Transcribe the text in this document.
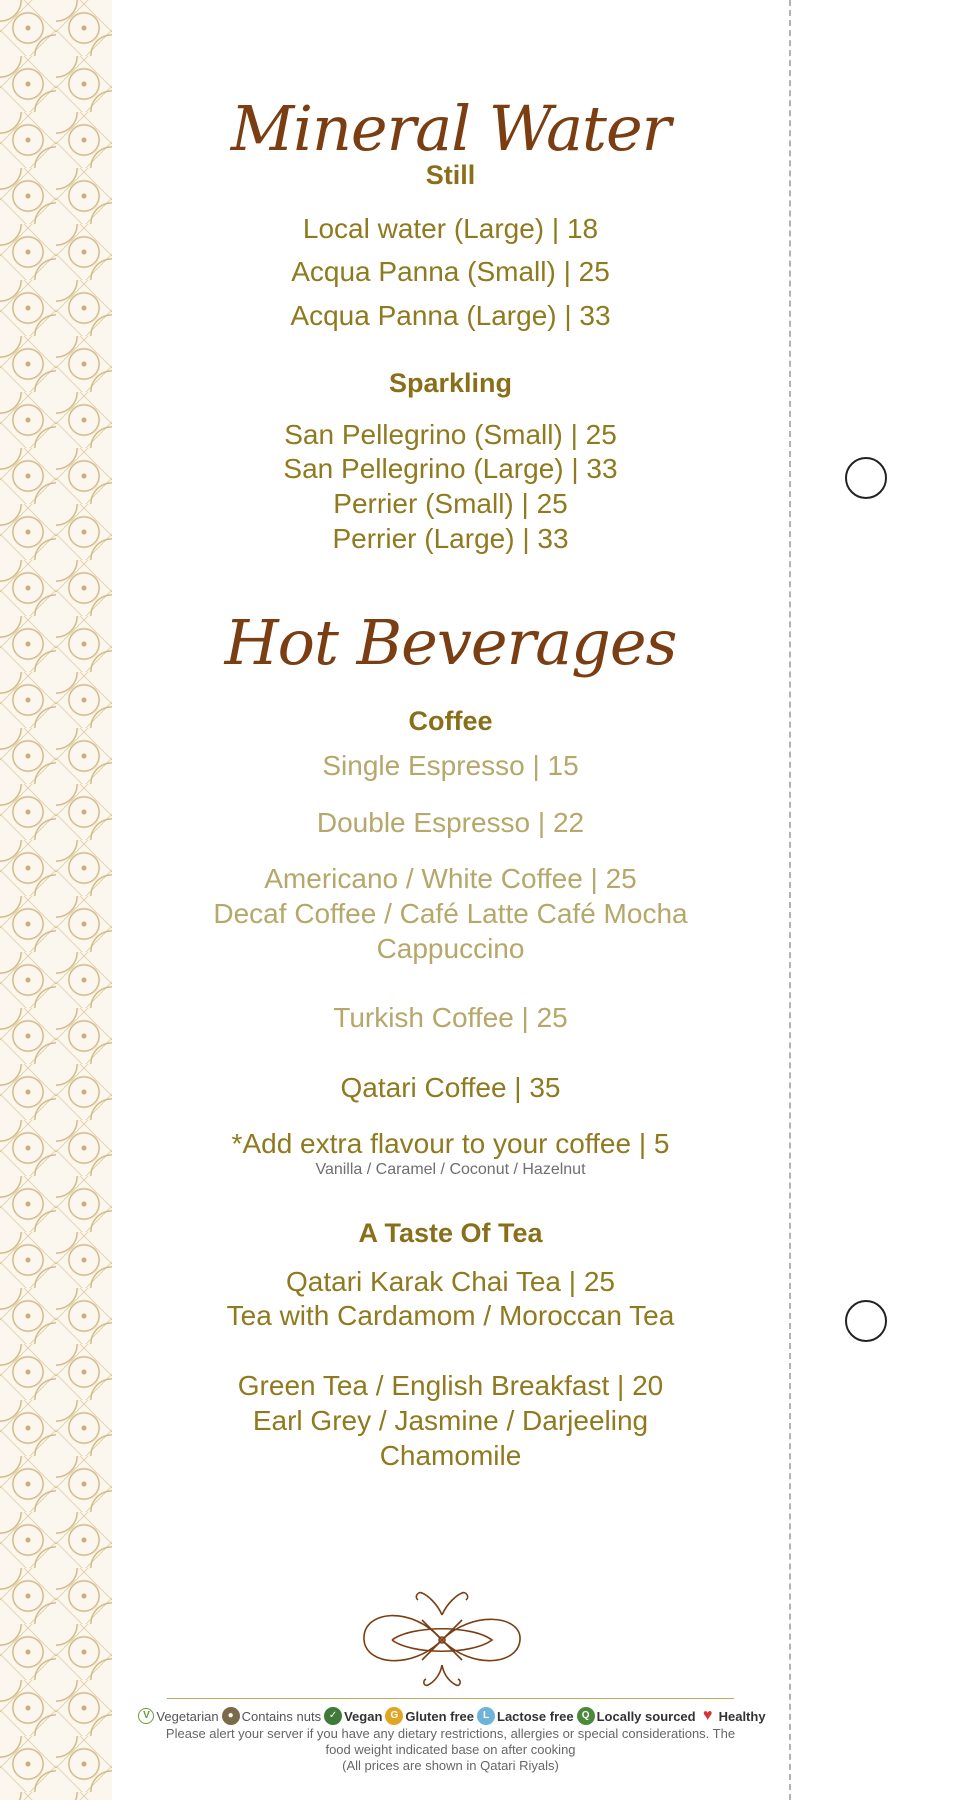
Mineral Water
Still
Local water (Large) | 18
Acqua Panna (Small) | 25
Acqua Panna (Large) | 33
Sparkling
San Pellegrino (Small) | 25
San Pellegrino (Large) | 33
Perrier (Small) | 25
Perrier (Large) | 33
Hot Beverages
Coffee
Single Espresso | 15
Double Espresso | 22
Americano / White Coffee | 25
Decaf Coffee / Café Latte Café Mocha
Cappuccino
Turkish Coffee | 25
Qatari Coffee | 35
*Add extra flavour to your coffee | 5
Vanilla / Caramel / Coconut / Hazelnut
A Taste Of Tea
Qatari Karak Chai Tea | 25
Tea with Cardamom / Moroccan Tea
Green Tea / English Breakfast | 20
Earl Grey / Jasmine / Darjeeling
Chamomile
V Vegetarian ● Contains nuts ✓ Vegan G Gluten free L Lactose free Q Locally sourced ♥ Healthy
Please alert your server if you have any dietary restrictions, allergies or special considerations. The
food weight indicated base on after cooking
(All prices are shown in Qatari Riyals)
